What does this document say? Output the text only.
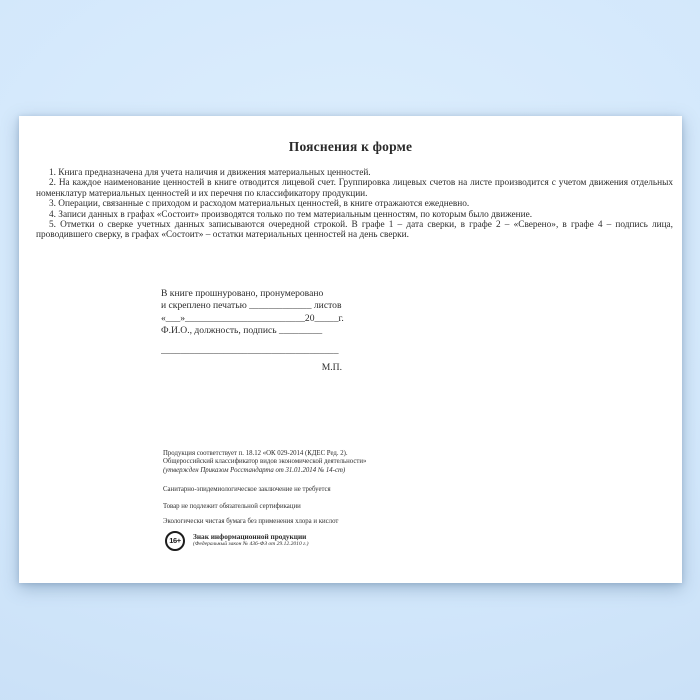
Пояснения к форме

1. Книга предназначена для учета наличия и движения материальных ценностей.

2. На каждое наименование ценностей в книге отводится лицевой счет. Группировка лицевых счетов на листе производится с учетом движения отдельных номенклатур материальных ценностей и их перечня по классификатору продукции.

3. Операции, связанные с приходом и расходом материальных ценностей, в книге отражаются ежедневно.

4. Записи данных в графах «Состоит» производятся только по тем материальным ценностям, по которым было движение.

5. Отметки о сверке учетных данных записываются очередной строкой. В графе 1 – дата сверки, в графе 2 – «Сверено», в графе 4 – подпись лица, проводившего сверку, в графах «Состоит» – остатки материальных ценностей на день сверки.

В книге прошнуровано, пронумеровано
и скреплено печатью _____________ листов
«___»_________________________20_____г.
Ф.И.О., должность, подпись _________
_____________________________________
М.П.
Продукция соответствует п. 18.12 «ОК 029-2014 (КДЕС Ред. 2).
Общероссийский классификатор видов экономической деятельности»
(утвержден Приказом Росстандарта от 31.01.2014 № 14-ст)
Санитарно-эпидемиологическое заключение не требуется
Товар не подлежит обязательной сертификации
Экологически чистая бумага без применения хлора и кислот
16+	Знак информационной продукции
(Федеральный закон № 436-ФЗ от 29.12.2010 г.)
